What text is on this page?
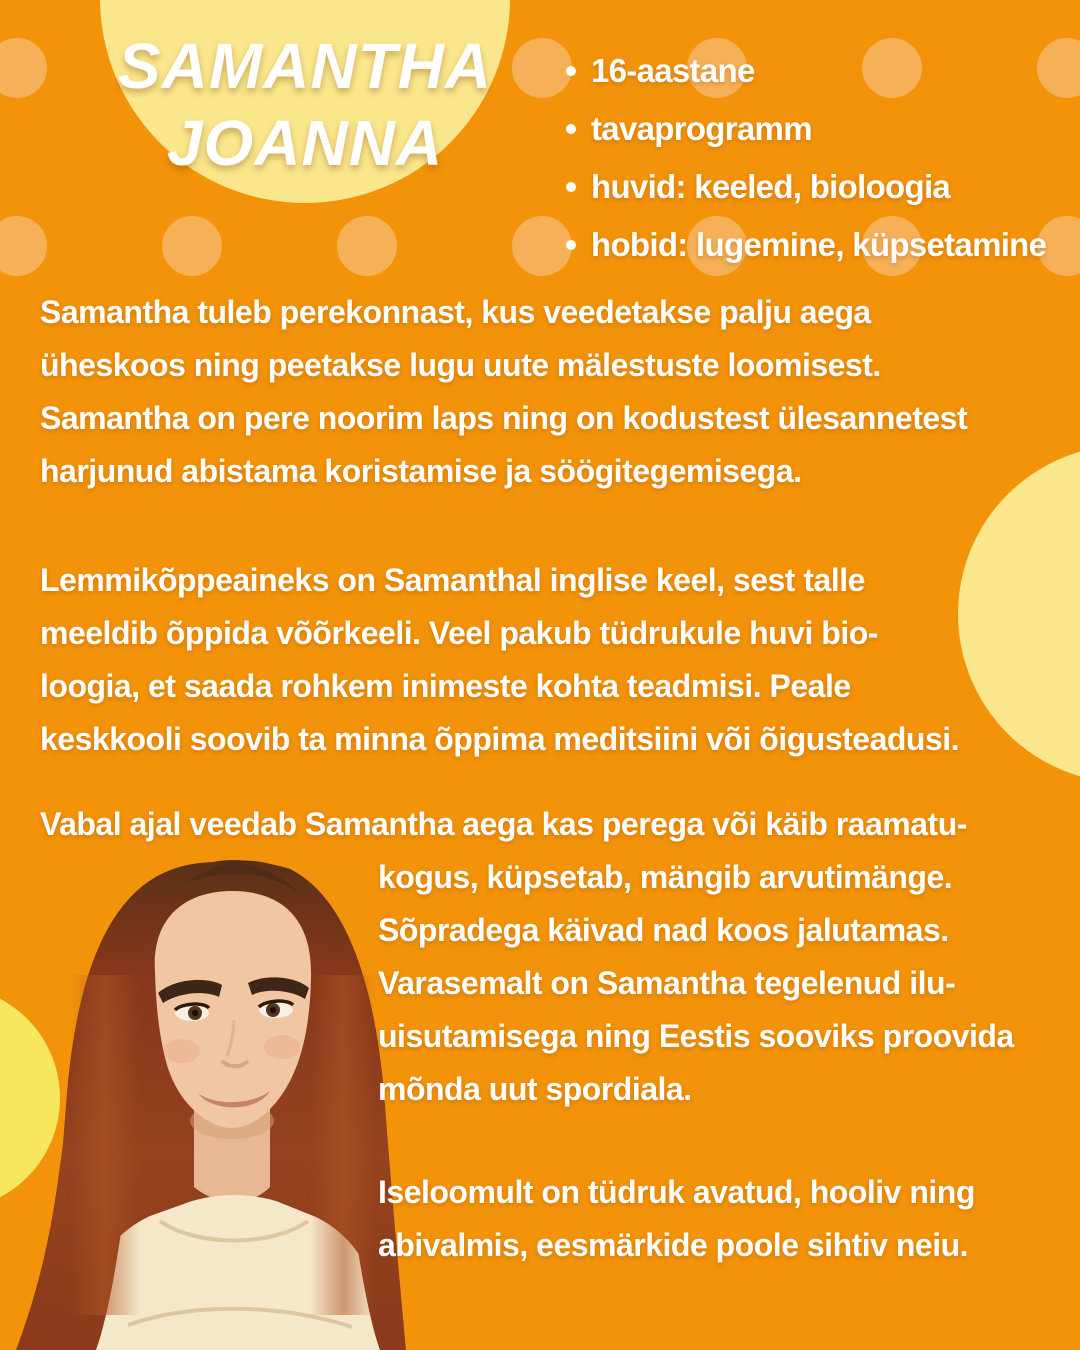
SAMANTHA
JOANNA
16-aastane
tavaprogramm
huvid: keeled, bioloogia
hobid: lugemine, küpsetamine
Samantha tuleb perekonnast, kus veedetakse palju aega
üheskoos ning peetakse lugu uute mälestuste loomisest.
Samantha on pere noorim laps ning on kodustest ülesannetest
harjunud abistama koristamise ja söögitegemisega.
Lemmikõppeaineks on Samanthal inglise keel, sest talle
meeldib õppida võõrkeeli. Veel pakub tüdrukule huvi bio-
loogia, et saada rohkem inimeste kohta teadmisi. Peale
keskkooli soovib ta minna õppima meditsiini või õigusteadusi.
Vabal ajal veedab Samantha aega kas perega või käib raamatu-
kogus, küpsetab, mängib arvutimänge.
Sõpradega käivad nad koos jalutamas.
Varasemalt on Samantha tegelenud ilu-
uisutamisega ning Eestis sooviks proovida
mõnda uut spordiala.
Iseloomult on tüdruk avatud, hooliv ning
abivalmis, eesmärkide poole sihtiv neiu.
